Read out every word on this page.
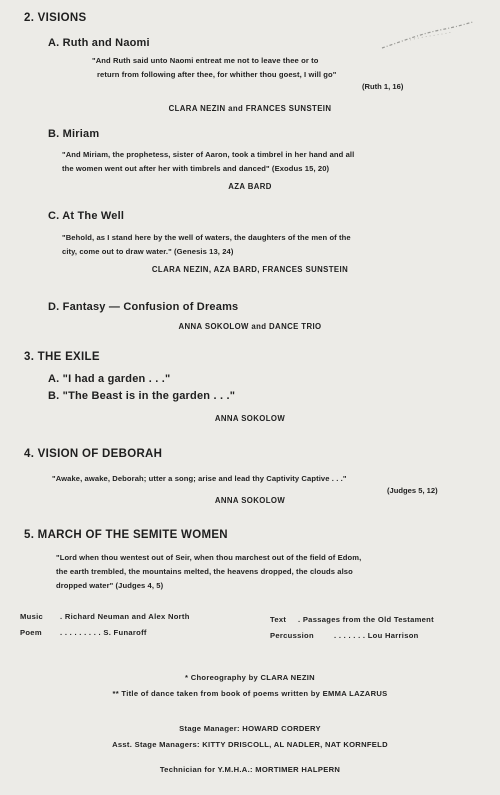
2. VISIONS
A. Ruth and Naomi
"And Ruth said unto Naomi entreat me not to leave thee or to
return from following after thee, for whither thou goest, I will go"
(Ruth 1, 16)
CLARA NEZIN and FRANCES SUNSTEIN
B. Miriam
"And Miriam, the prophetess, sister of Aaron, took a timbrel in her hand and all
the women went out after her with timbrels and danced" (Exodus 15, 20)
AZA BARD
C. At The Well
"Behold, as I stand here by the well of waters, the daughters of the men of the
city, come out to draw water." (Genesis 13, 24)
CLARA NEZIN, AZA BARD, FRANCES SUNSTEIN
D. Fantasy — Confusion of Dreams
ANNA SOKOLOW and DANCE TRIO
3. THE EXILE
A. "I had a garden . . ."
B. "The Beast is in the garden . . ."
ANNA SOKOLOW
4. VISION OF DEBORAH
"Awake, awake, Deborah; utter a song; arise and lead thy Captivity Captive . . ."
(Judges 5, 12)
ANNA SOKOLOW
5. MARCH OF THE SEMITE WOMEN
"Lord when thou wentest out of Seir, when thou marchest out of the field of Edom,
the earth trembled, the mountains melted, the heavens dropped, the clouds also
dropped water" (Judges 4, 5)
Music . Richard Neuman and Alex North
Poem . . . . . . . . . S. Funaroff
Text . Passages from the Old Testament
Percussion	. . . . . . . Lou Harrison
* Choreography by CLARA NEZIN
** Title of dance taken from book of poems written by EMMA LAZARUS
Stage Manager: HOWARD CORDERY
Asst. Stage Managers: KITTY DRISCOLL, AL NADLER, NAT KORNFELD
Technician for Y.M.H.A.: MORTIMER HALPERN
